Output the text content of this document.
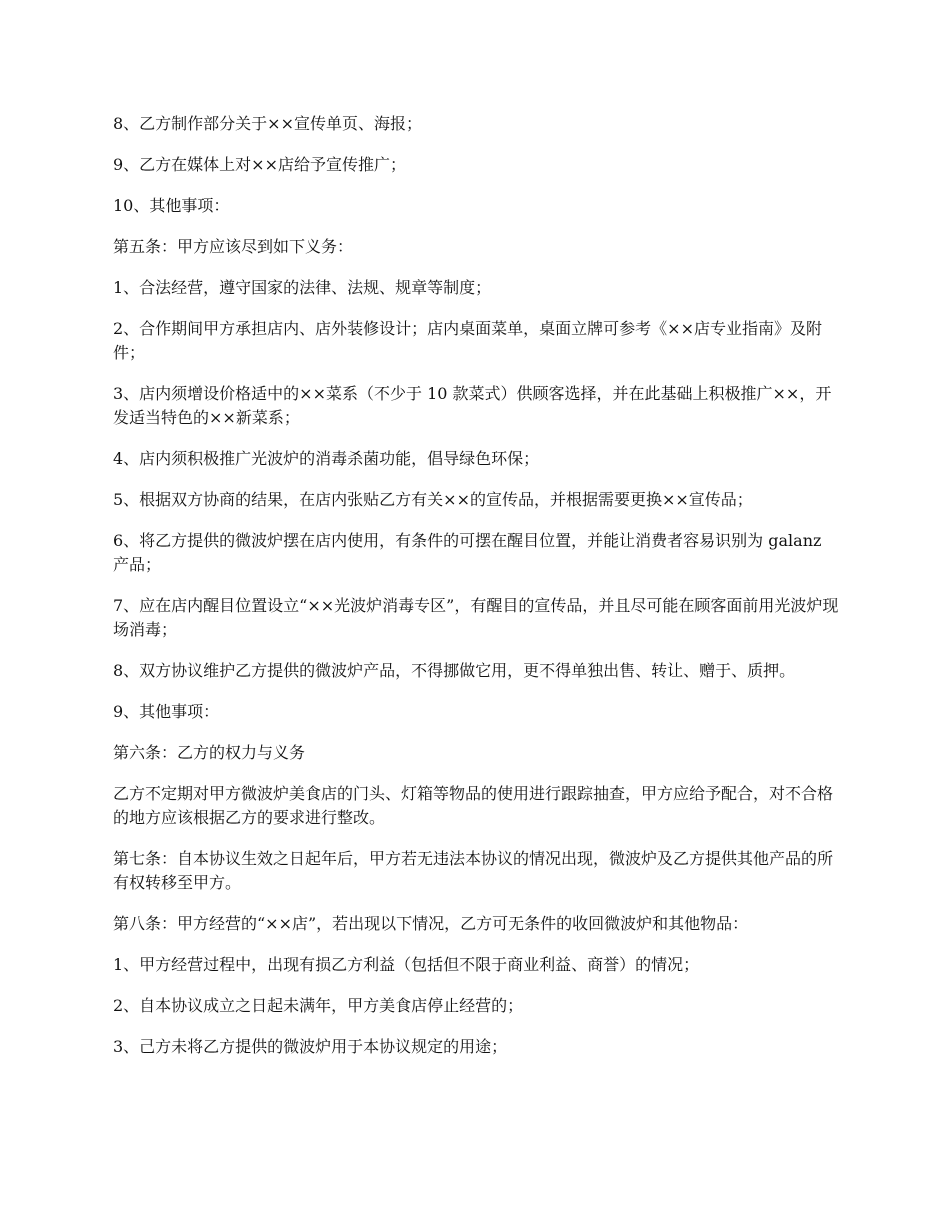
8、乙方制作部分关于××宣传单页、海报；

9、乙方在媒体上对××店给予宣传推广；

10、其他事项：

第五条：甲方应该尽到如下义务：

1、合法经营，遵守国家的法律、法规、规章等制度；

2、合作期间甲方承担店内、店外装修设计；店内桌面菜单，桌面立牌可参考《××店专业指南》及附件；

3、店内须增设价格适中的××菜系（不少于 10 款菜式）供顾客选择，并在此基础上积极推广××，开发适当特色的××新菜系；

4、店内须积极推广光波炉的消毒杀菌功能，倡导绿色环保；

5、根据双方协商的结果，在店内张贴乙方有关××的宣传品，并根据需要更换××宣传品；

6、将乙方提供的微波炉摆在店内使用，有条件的可摆在醒目位置，并能让消费者容易识别为 galanz 产品；

7、应在店内醒目位置设立“××光波炉消毒专区”，有醒目的宣传品，并且尽可能在顾客面前用光波炉现场消毒；

8、双方协议维护乙方提供的微波炉产品，不得挪做它用，更不得单独出售、转让、赠于、质押。

9、其他事项：

第六条：乙方的权力与义务

乙方不定期对甲方微波炉美食店的门头、灯箱等物品的使用进行跟踪抽查，甲方应给予配合，对不合格的地方应该根据乙方的要求进行整改。

第七条：自本协议生效之日起年后，甲方若无违法本协议的情况出现，微波炉及乙方提供其他产品的所有权转移至甲方。

第八条：甲方经营的“××店”，若出现以下情况，乙方可无条件的收回微波炉和其他物品：

1、甲方经营过程中，出现有损乙方利益（包括但不限于商业利益、商誉）的情况；

2、自本协议成立之日起未满年，甲方美食店停止经营的；

3、己方未将乙方提供的微波炉用于本协议规定的用途；
